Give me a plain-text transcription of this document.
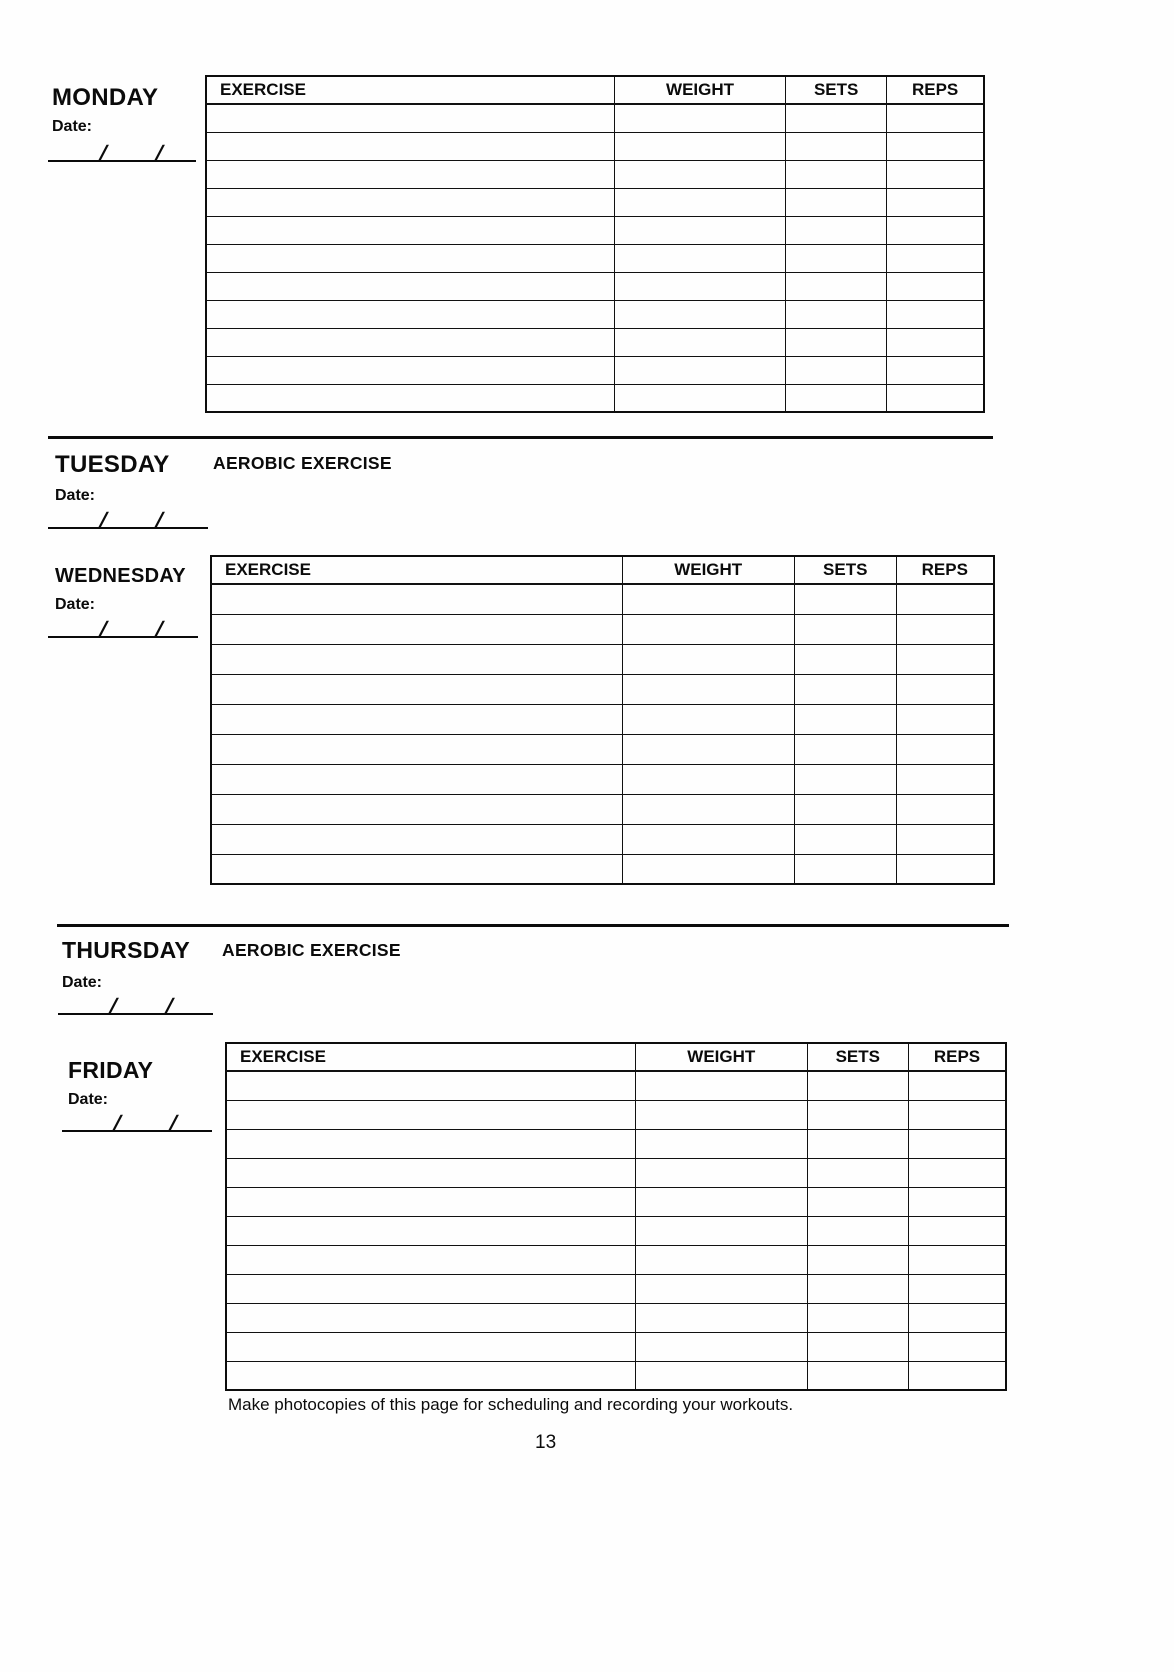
MONDAY
Date:
/ /
EXERCISE	WEIGHT	SETS	REPS

TUESDAY AEROBIC EXERCISE
Date:
/ /
WEDNESDAY
Date:
/ /
EXERCISE	WEIGHT	SETS	REPS

THURSDAY AEROBIC EXERCISE
Date:
/ /
FRIDAY
Date:
/ /
EXERCISE	WEIGHT	SETS	REPS

Make photocopies of this page for scheduling and recording your workouts.
13
